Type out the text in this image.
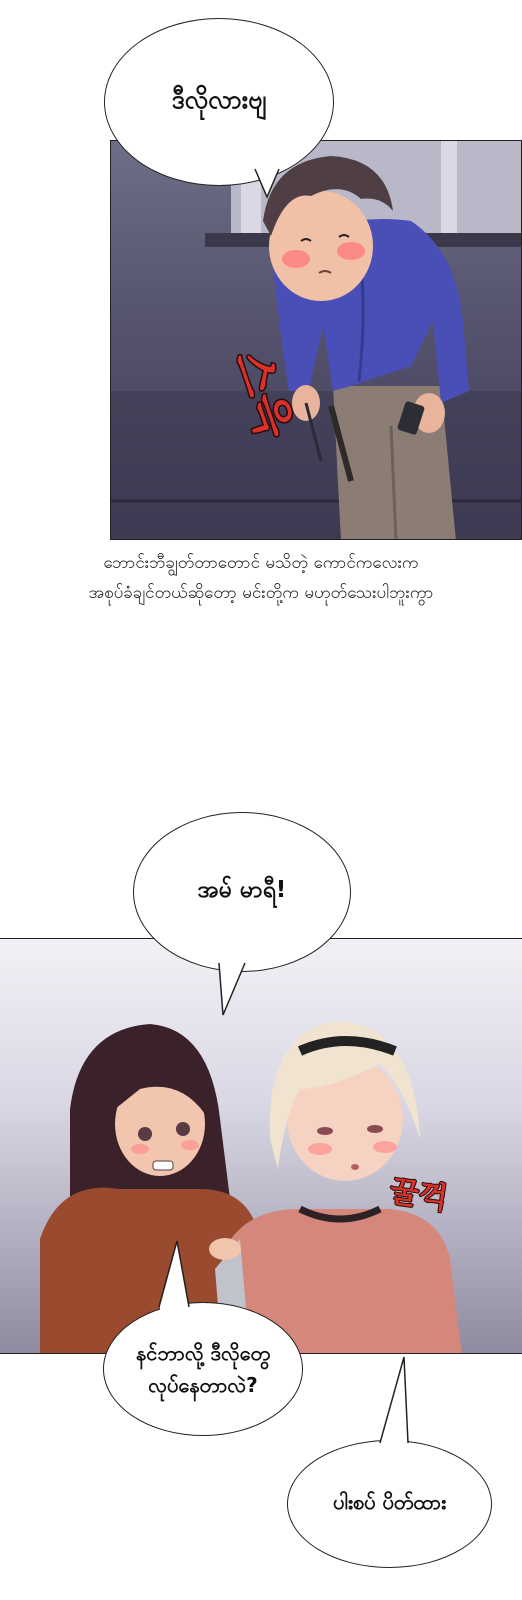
스윽
ဒီလိုလားဗျ
ဘောင်းဘီချွတ်တာတောင် မသိတဲ့ ကောင်ကလေးက
အစုပ်ခံချင်တယ်ဆိုတော့ မင်းတို့က မဟုတ်သေးပါဘူးကွာ
꿀꺽
အမ် မာရီ!
နင်ဘာလို့ ဒီလိုတွေ
လုပ်နေတာလဲ?
ပါးစပ် ပိတ်ထား
